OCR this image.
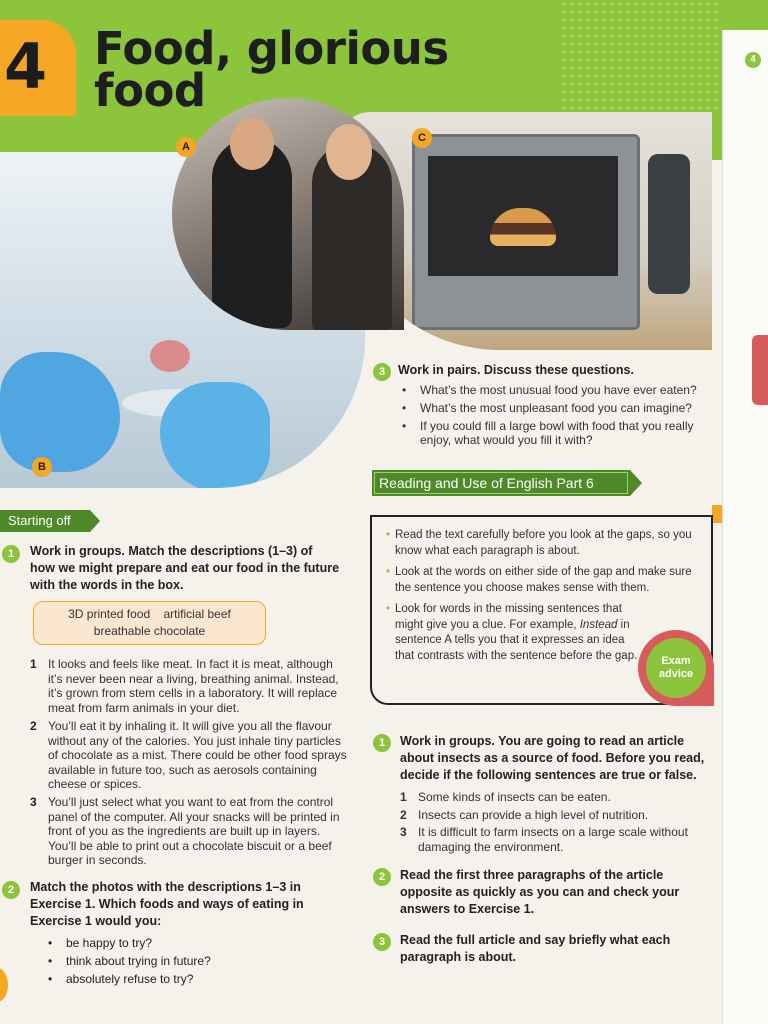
4
4 Food, glorious
food
B
C
A
3	Work in pairs. Discuss these questions.
• What’s the most unusual food you have ever eaten?
• What’s the most unpleasant food you can imagine?
• If you could fill a large bowl with food that you really enjoy, what would you fill it with?
Reading and Use of English Part 6

• Read the text carefully before you look at the gaps, so you know what each paragraph is about.

• Look at the words on either side of the gap and make sure the sentence you choose makes sense with them.

• Look for words in the missing sentences that might give you a clue. For example, Instead in sentence A tells you that it expresses an idea that contrasts with the sentence before the gap. Exam
advice
Starting off
1	Work in groups. Match the descriptions (1–3) of how we might prepare and eat our food in the future with the words in the box.
3D printed food    artificial beef
breathable chocolate
1 It looks and feels like meat. In fact it is meat, although it’s never been near a living, breathing animal. Instead, it’s grown from stem cells in a laboratory. It will replace meat from farm animals in your diet.
2 You’ll eat it by inhaling it. It will give you all the flavour without any of the calories. You just inhale tiny particles of chocolate as a mist. There could be other food sprays available in future too, such as aerosols containing cheese or spices.
3 You’ll just select what you want to eat from the control panel of the computer. All your snacks will be printed in front of you as the ingredients are built up in layers. You’ll be able to print out a chocolate biscuit or a beef burger in seconds.
2	Match the photos with the descriptions 1–3 in Exercise 1. Which foods and ways of eating in Exercise 1 would you:
• be happy to try?
• think about trying in future?
• absolutely refuse to try?
1	Work in groups. You are going to read an article about insects as a source of food. Before you read, decide if the following sentences are true or false.
1 Some kinds of insects can be eaten.
2 Insects can provide a high level of nutrition.
3 It is difficult to farm insects on a large scale without damaging the environment.
2	Read the first three paragraphs of the article opposite as quickly as you can and check your answers to Exercise 1.
3	Read the full article and say briefly what each paragraph is about.
